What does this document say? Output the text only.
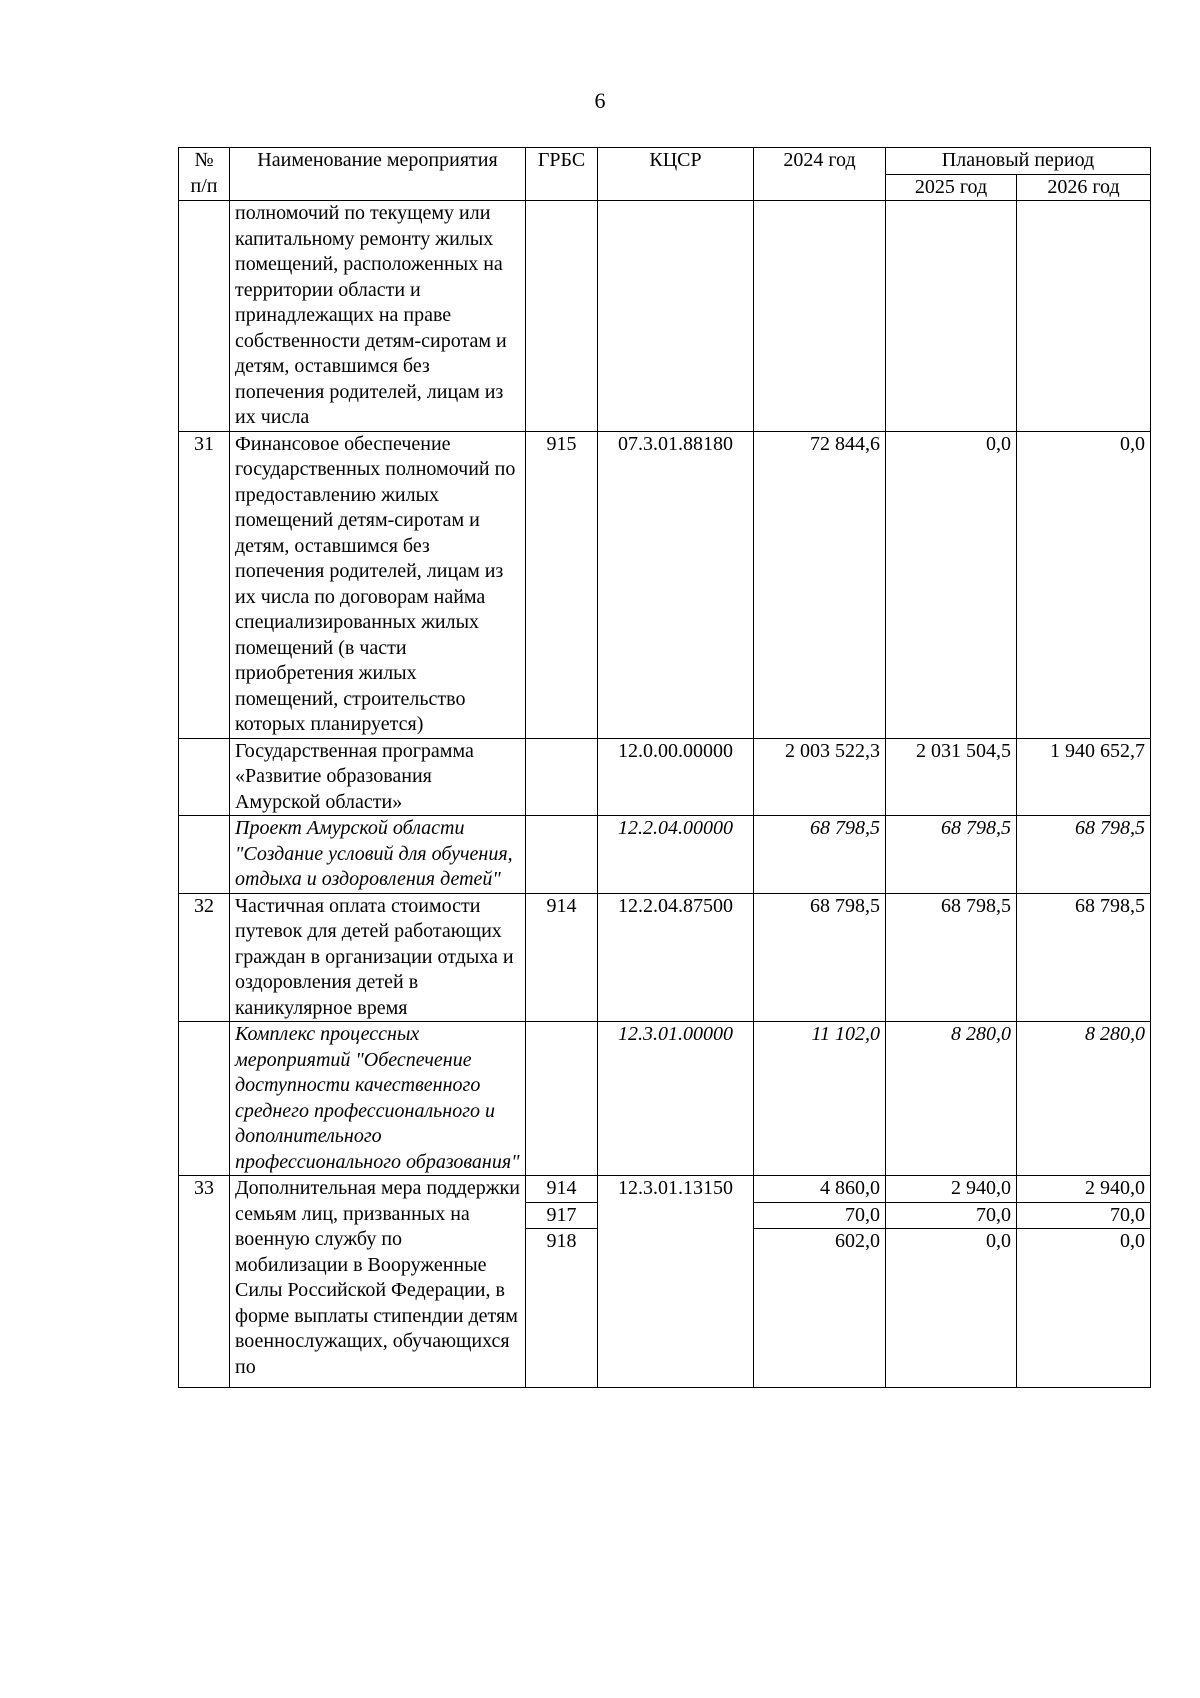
6
№ п/п	Наименование мероприятия	ГРБС	КЦСР	2024 год	Плановый период	
					2025 год	2026 год
	полномочий по текущему или капитальному ремонту жилых помещений, расположенных на территории области и принадлежащих на праве собственности детям-сиротам и детям, оставшимся без попечения родителей, лицам из их числа					
31	Финансовое обеспечение государственных полномочий по предоставлению жилых помещений детям-сиротам и детям, оставшимся без попечения родителей, лицам из их числа по договорам найма специализированных жилых помещений (в части приобретения жилых помещений, строительство которых планируется)	915	07.3.01.88180	72 844,6	0,0	0,0
	Государственная программа «Развитие образования Амурской области»		12.0.00.00000	2 003 522,3	2 031 504,5	1 940 652,7
	Проект Амурской области "Создание условий для обучения, отдыха и оздоровления детей"		12.2.04.00000	68 798,5	68 798,5	68 798,5
32	Частичная оплата стоимости путевок для детей работающих граждан в организации отдыха и оздоровления детей в каникулярное время	914	12.2.04.87500	68 798,5	68 798,5	68 798,5
	Комплекс процессных мероприятий "Обеспечение доступности качественного среднего профессионального и дополнительного профессионального образования"		12.3.01.00000	11 102,0	8 280,0	8 280,0
33	Дополнительная мера поддержки семьям лиц, призванных на военную службу по мобилизации в Вооруженные Силы Российской Федерации, в форме выплаты стипендии детям военнослужащих, обучающихся по	914	12.3.01.13150	4 860,0	2 940,0	2 940,0
		917		70,0	70,0	70,0
		918		602,0	0,0	0,0
